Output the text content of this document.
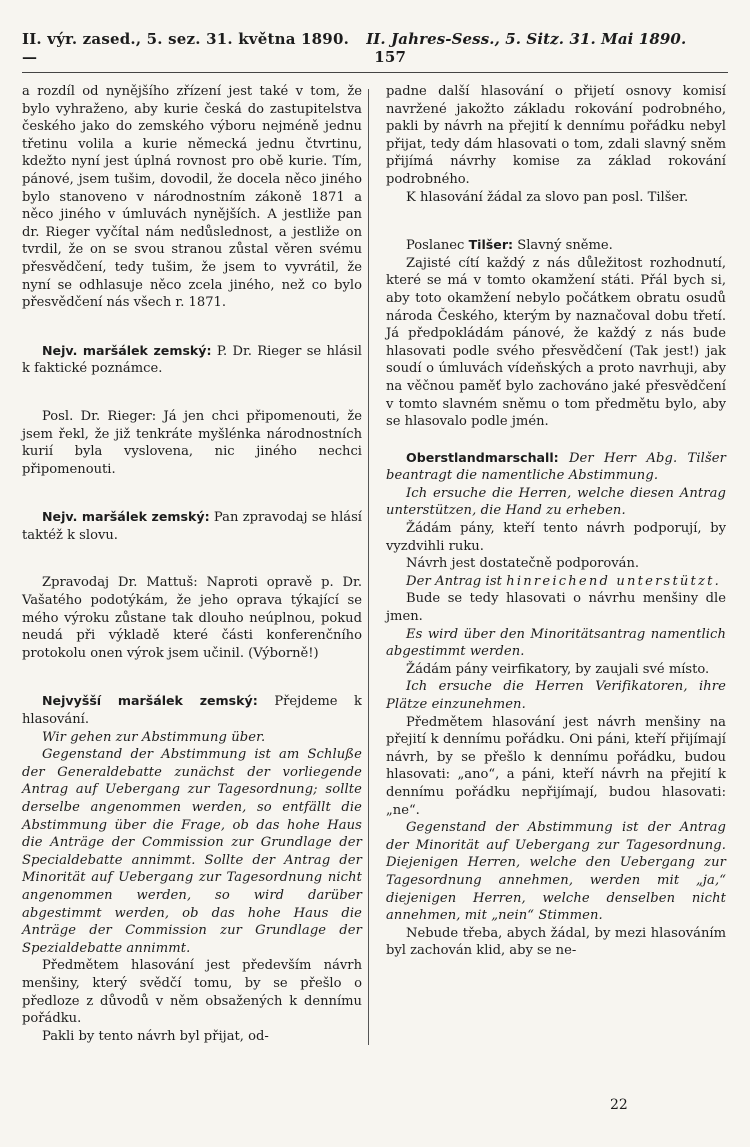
II. výr. zased., 5. sez. 31. května 1890. —
II. Jahres-Sess., 5. Sitz. 31. Mai 1890. 157

a rozdíl od nynějšího zřízení jest také v tom, že bylo vyhraženo, aby kurie česká do zastupitelstva českého jako do zemského výboru nejméně jednu třetinu volila a kurie německá jednu čtvrtinu, kdežto nyní jest úplná rovnost pro obě kurie. Tím, pánové, jsem tušim, dovodil, že docela něco jiného bylo stanoveno v národnostním zákoně 1871 a něco jiného v úmluvách nynějších. A jestliže pan dr. Rieger vyčítal nám nedůslednost, a jestliže on tvrdil, že on se svou stranou zůstal věren svému přesvědčení, tedy tušim, že jsem to vyvrátil, že nyní se odhlasuje něco zcela jiného, než co bylo přesvědčení nás všech r. 1871.

Nejv. maršálek zemský: P. Dr. Rieger se hlásil k faktické poznámce.

Posl. Dr. Rieger: Já jen chci připomenouti, že jsem řekl, že již tenkráte myšlénka národnostních kurií byla vyslovena, nic jiného nechci připomenouti.

Nejv. maršálek zemský: Pan zpravodaj se hlásí taktéž k slovu.

Zpravodaj Dr. Mattuš: Naproti opravě p. Dr. Vašatého podotýkám, že jeho oprava týkající se mého výroku zůstane tak dlouho neúplnou, pokud neudá při výkladě které části konferenčního protokolu onen výrok jsem učinil. (Výborně!)

Nejvyšší maršálek zemský: Přejdeme k hlasování.

Wir gehen zur Abstimmung über.

Gegenstand der Abstimmung ist am Schluße der Generaldebatte zunächst der vorliegende Antrag auf Uebergang zur Tagesordnung; sollte derselbe angenommen werden, so entfällt die Abstimmung über die Frage, ob das hohe Haus die Anträge der Commission zur Grundlage der Specialdebatte annimmt. Sollte der Antrag der Minorität auf Uebergang zur Tagesordnung nicht angenommen werden, so wird darüber abgestimmt werden, ob das hohe Haus die Anträge der Commission zur Grundlage der Spezialdebatte annimmt.

Předmětem hlasování jest především návrh menšiny, který svědčí tomu, by se přešlo o předloze z důvodů v něm obsažených k dennímu pořádku.

Pakli by tento návrh byl přijat, od-

padne další hlasování o přijetí osnovy komisí navržené jakožto základu rokování podrobného, pakli by návrh na přejití k dennímu pořádku nebyl přijat, tedy dám hlasovati o tom, zdali slavný sněm přijímá návrhy komise za základ rokování podrobného.

K hlasování žádal za slovo pan posl. Tilšer.

Poslanec Tilšer: Slavný sněme.

Zajisté cítí každý z nás důležitost rozhodnutí, které se má v tomto okamžení státi. Přál bych si, aby toto okamžení nebylo počátkem obratu osudů národa Českého, kterým by naznačoval dobu třetí. Já předpokládám pánové, že každý z nás bude hlasovati podle svého přesvědčení (Tak jest!) jak soudí o úmluvách vídeňských a proto navrhuji, aby na věčnou paměť bylo zachováno jaké přesvědčení v tomto slavném sněmu o tom předmětu bylo, aby se hlasovalo podle jmén.

Oberstlandmarschall: Der Herr Abg. Tilšer beantragt die namentliche Abstimmung.

Ich ersuche die Herren, welche diesen Antrag unterstützen, die Hand zu erheben.

Žádám pány, kteří tento návrh podporují, by vyzdvihli ruku.

Návrh jest dostatečně podporován.

Der Antrag ist hinreichend unterstützt.

Bude se tedy hlasovati o návrhu menšiny dle jmen.

Es wird über den Minoritätsantrag namentlich abgestimmt werden.

Žádám pány veirfikatory, by zaujali své místo.

Ich ersuche die Herren Verifikatoren, ihre Plätze einzunehmen.

Předmětem hlasování jest návrh menšiny na přejití k dennímu pořádku. Oni páni, kteří přijímají návrh, by se přešlo k dennímu pořádku, budou hlasovati: „ano“, a páni, kteří návrh na přejití k dennímu pořádku nepřijímají, budou hlasovati: „ne“.

Gegenstand der Abstimmung ist der Antrag der Minorität auf Uebergang zur Tagesordnung. Diejenigen Herren, welche den Uebergang zur Tagesordnung annehmen, werden mit „ja,“ diejenigen Herren, welche denselben nicht annehmen, mit „nein“ Stimmen.

Nebude třeba, abych žádal, by mezi hlasováním byl zachován klid, aby se ne-

22
